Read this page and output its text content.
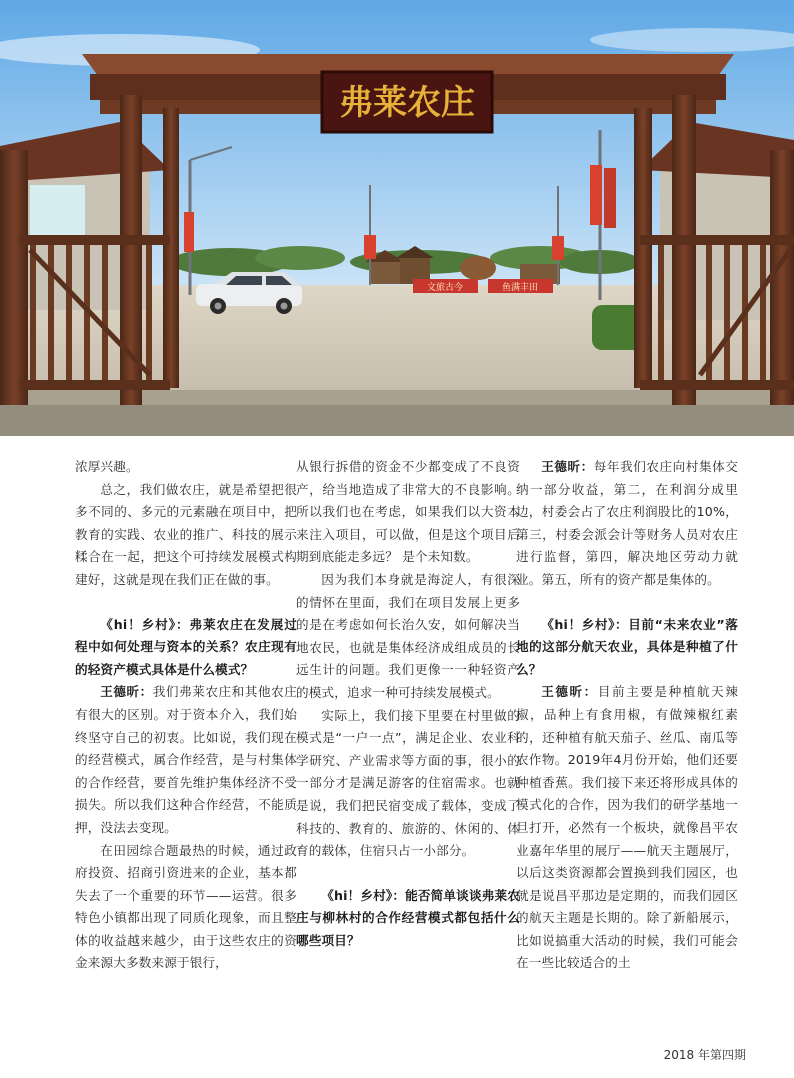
文旅古今	鱼满丰田
弗莱农庄

浓厚兴趣。

总之，我们做农庄，就是希望把很多不同的、多元的元素融在项目中，把教育的实践、农业的推广、科技的展示糅合在一起，把这个可持续发展模式构建好，这就是现在我们正在做的事。

《hi！乡村》：弗莱农庄在发展过程中如何处理与资本的关系？农庄现有的轻资产模式具体是什么模式？

王德昕：我们弗莱农庄和其他农庄有很大的区别。对于资本介入，我们始终坚守自己的初衷。比如说，我们现在的经营模式，属合作经营，是与村集体的合作经营，要首先维护集体经济不受损失。所以我们这种合作经营，不能质押，没法去变现。

在田园综合题最热的时候，通过政府投资、招商引资进来的企业，基本都失去了一个重要的环节——运营。很多特色小镇都出现了同质化现象，而且整体的收益越来越少，由于这些农庄的资金来源大多数来源于银行，

从银行拆借的资金不少都变成了不良资产，给当地造成了非常大的不良影响。所以我们也在考虑，如果我们以大资本来注入项目，可以做，但是这个项目后期到底能走多远？ 是个未知数。

因为我们本身就是海淀人，有很深的情怀在里面，我们在项目发展上更多的是在考虑如何长治久安，如何解决当地农民，也就是集体经济成组成员的长远生计的问题。我们更像一一种轻资产的模式，追求一种可持续发展模式。

实际上，我们接下里要在村里做的模式是“一户一点”，满足企业、农业科学研究、产业需求等方面的事，很小的一部分才是满足游客的住宿需求。也就是说，我们把民宿变成了载体，变成了科技的、教育的、旅游的、休闲的、体育的载体，住宿只占一小部分。

《hi！乡村》：能否简单谈谈弗莱农庄与柳林村的合作经营模式都包括什么哪些项目？

王德昕：每年我们农庄向村集体交纳一部分收益，第二，在利润分成里边，村委会占了农庄利润股比的10%，第三，村委会派会计等财务人员对农庄进行监督，第四，解决地区劳动力就业。第五，所有的资产都是集体的。

《hi！乡村》：目前“未来农业”落地的这部分航天农业，具体是种植了什么？

王德昕：目前主要是种植航天辣椒，品种上有食用椒，有做辣椒红素的，还种植有航天茄子、丝瓜、南瓜等农作物。2019年4月份开始，他们还要种植香蕉。我们接下来还将形成具体的模式化的合作，因为我们的研学基地一旦打开，必然有一个板块，就像昌平农业嘉年华里的展厅——航天主题展厅，以后这类资源都会置换到我们园区，也就是说昌平那边是定期的，而我们园区的航天主题是长期的。除了新船展示，比如说搞重大活动的时候，我们可能会在一些比较适合的土

2018 年第四期
